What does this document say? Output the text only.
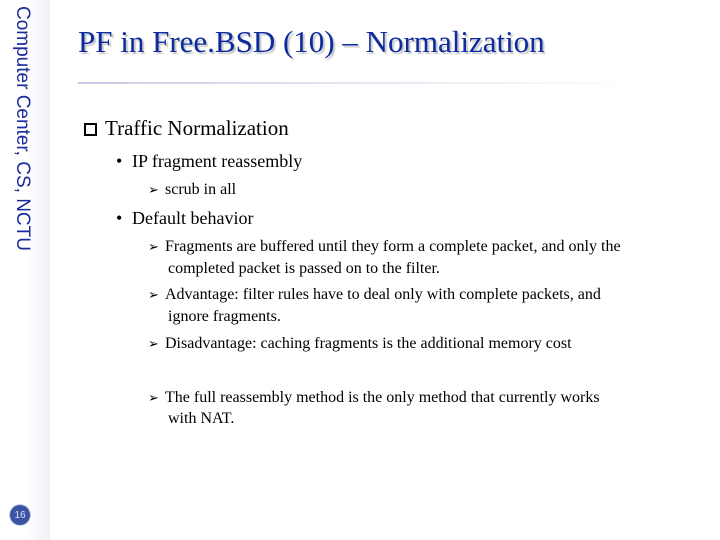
Computer Center, CS, NCTU
16
PF in Free.BSD (10) – Normalization
Traffic Normalization
• IP fragment reassembly
➢ scrub in all
• Default behavior
➢ Fragments are buffered until they form a complete packet, and only the
completed packet is passed on to the filter.
➢ Advantage: filter rules have to deal only with complete packets, and
ignore fragments.
➢ Disadvantage: caching fragments is the additional memory cost
➢ The full reassembly method is the only method that currently works
with NAT.
